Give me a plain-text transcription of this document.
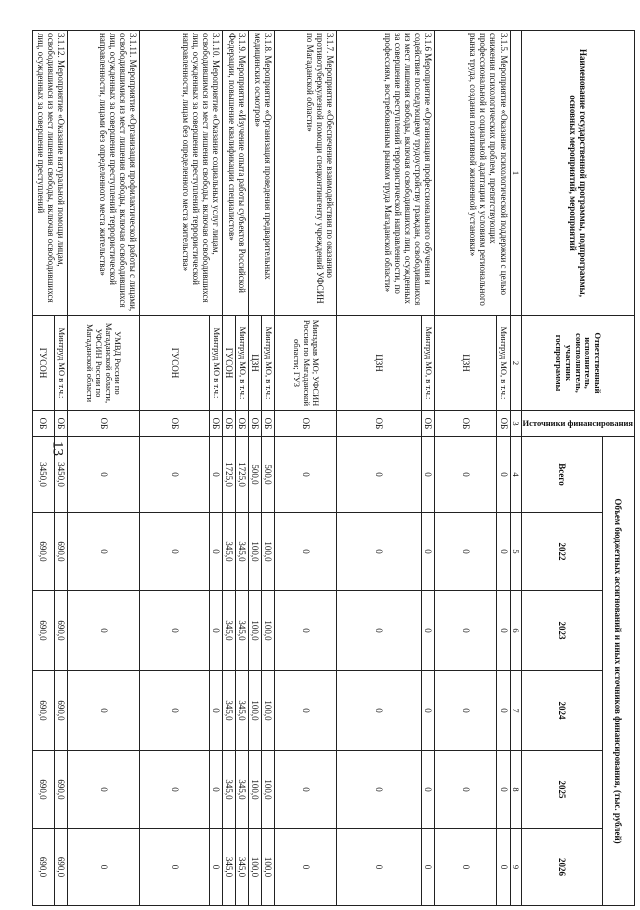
13
Наименование государственной программы, подпрограммы, основных мероприятий, мероприятий	Ответственный исполнитель, соисполнитель, участник госпрограммы	Источники финансирования	Объем бюджетных ассигнований и иных источников финансирования, (тыс. рублей)					
			Всего	2022	2023	2024	2025	2026
1	2	3	4	5	6	7	8	9
3.1.5. Мероприятие «Оказание психологической поддержки с целью снижения психологических проблем, препятствующих профессиональной и социальной адаптации к условиям регионального рынка труда, создания позитивной жизненной установки»	Минтруд МО, в т.ч.:	ОБ	0	0	0	0	0	0
	ЦЗН	ОБ	0	0	0	0	0	0
3.1.6 Мероприятие «Организация профессионального обучения и содействие последующему трудоустройству граждан, освободившихся из мест лишения свободы, включая освободившихся лиц, осужденных за совершение преступлений террористической направленности, по профессиям, востребованным рынком труда Магаданской области»	Минтруд МО, в т.ч.:	ОБ	0	0	0	0	0	0
	ЦЗН	ОБ	0	0	0	0	0	0
3.1.7. Мероприятие «Обеспечение взаимодействия по оказанию противотуберкулезной помощи спецконтингенту учреждений УФСИН по Магаданской области»	Минздрав МО; УФСИН России по Магаданской области; ГУЗ	ОБ	0	0	0	0	0	0
3.1.8. Мероприятие «Организация проведения предварительных медицинских осмотров»	Минтруд МО, в т.ч.:	ОБ	500,0	100,0	100,0	100,0	100,0	100,0
	ЦЗН	ОБ	500,0	100,0	100,0	100,0	100,0	100,0
3.1.9. Мероприятие «Изучение опыта работы субъектов Российской Федерации, повышение квалификации специалистов»	Минтруд МО, в т.ч.:	ОБ	1725,0	345,0	345,0	345,0	345,0	345,0
	ГУСОН	ОБ	1725,0	345,0	345,0	345,0	345,0	345,0
3.1.10. Мероприятие «Оказание социальных услуг лицам, освободившимся из мест лишения свободы, включая освободившихся лиц, осужденных за совершение преступлений террористической направленности, лицам без определенного места жительства»	Минтруд МО в т.ч.:	ОБ	0	0	0	0	0	0
	ГУСОН	ОБ	0	0	0	0	0	0
3.1.11. Мероприятие «Организация профилактической работы с лицами, освободившимися из мест лишения свободы, включая освободившихся лиц, осужденных за совершение преступлений террористической направленности, лицами без определенного места жительства»	УМВД России по Магаданской области, УФСИН России по Магаданской области	ОБ	0	0	0	0	0	0
3.1.12. Мероприятие «Оказание натуральной помощи лицам, освободившимся из мест лишения свободы, включая освободившихся лиц, осужденных за совершение преступлений	Минтруд МО в т.ч.:	ОБ	3450,0	690,0	690,0	690,0	690,0	690,0
	ГУСОН	ОБ	3450,0	690,0	690,0	690,0	690,0	690,0
